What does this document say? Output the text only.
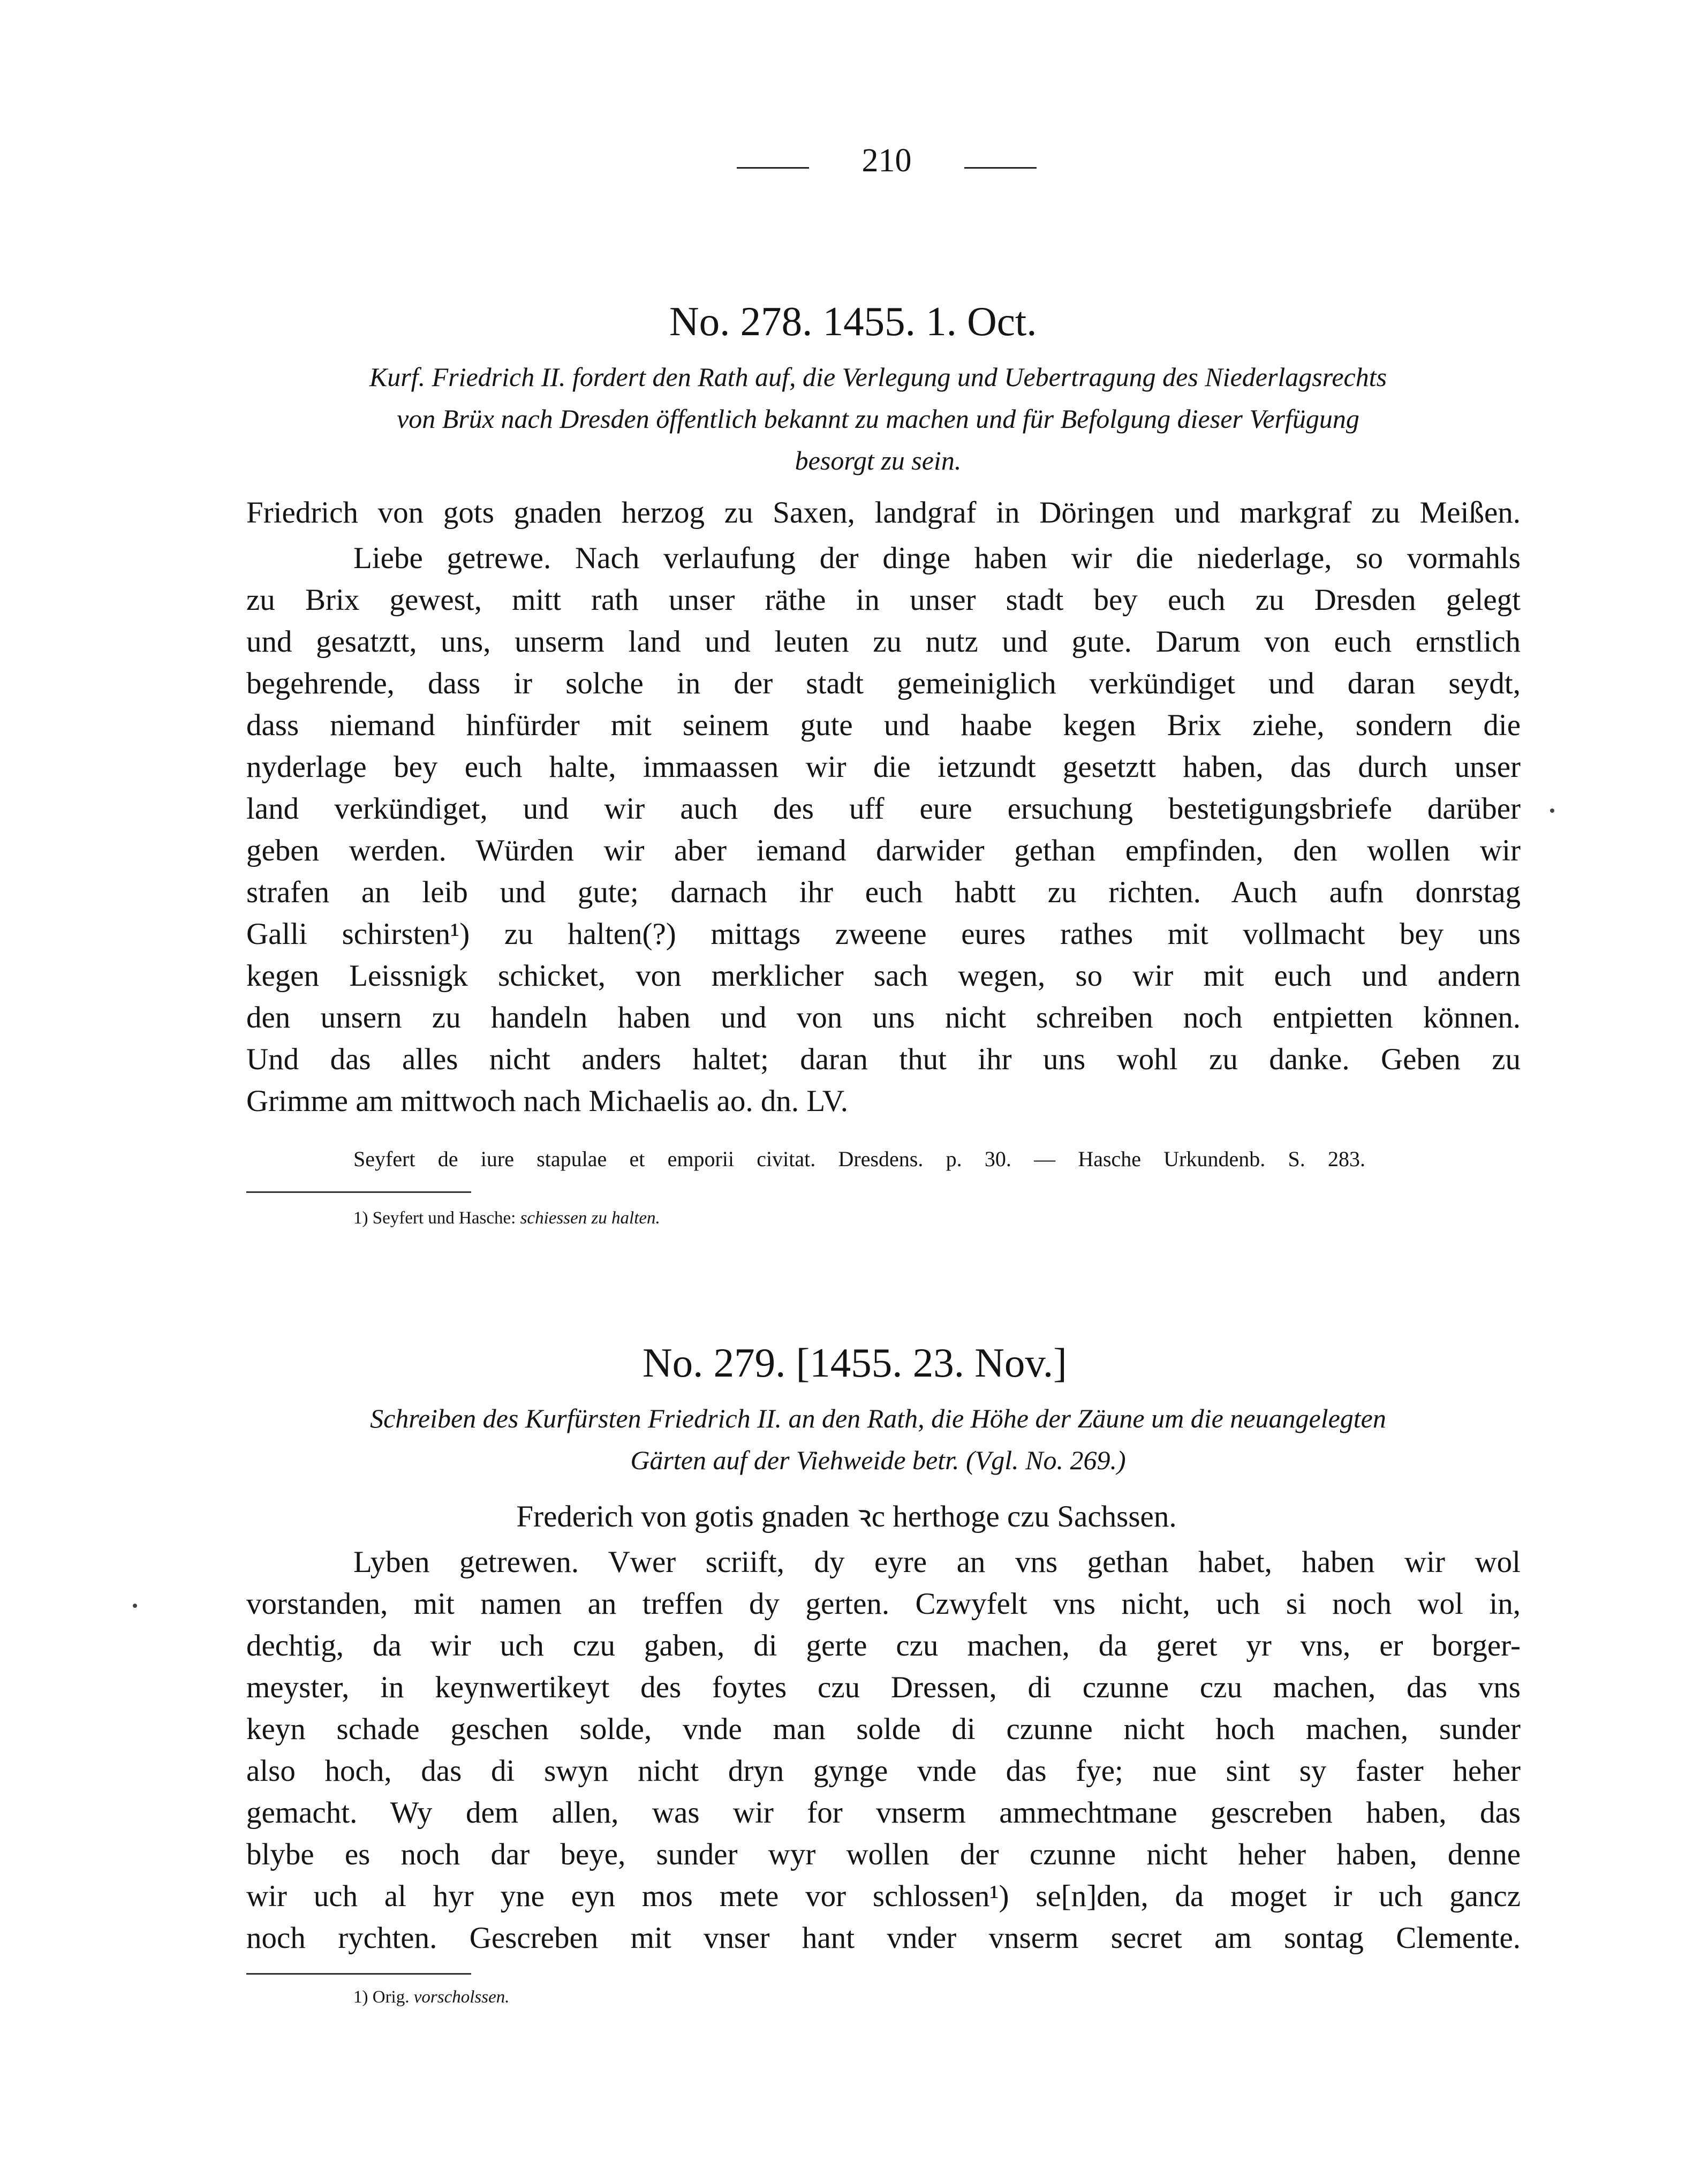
210
No. 278. 1455. 1. Oct.
Kurf. Friedrich II. fordert den Rath auf, die Verlegung und Uebertragung des Niederlagsrechts
von Brüx nach Dresden öffentlich bekannt zu machen und für Befolgung dieser Verfügung
besorgt zu sein.
Friedrich von gots gnaden herzog zu Saxen, landgraf in Döringen und markgraf zu Meißen.
Liebe getrewe. Nach verlaufung der dinge haben wir die niederlage, so vormahls
zu Brix gewest, mitt rath unser räthe in unser stadt bey euch zu Dresden gelegt
und gesatztt, uns, unserm land und leuten zu nutz und gute. Darum von euch ernstlich
begehrende, dass ir solche in der stadt gemeiniglich verkündiget und daran seydt,
dass niemand hinfürder mit seinem gute und haabe kegen Brix ziehe, sondern die
nyderlage bey euch halte, immaassen wir die ietzundt gesetztt haben, das durch unser
land verkündiget, und wir auch des uff eure ersuchung bestetigungsbriefe darüber
geben werden. Würden wir aber iemand darwider gethan empfinden, den wollen wir
strafen an leib und gute; darnach ihr euch habtt zu richten. Auch aufn donrstag
Galli schirsten¹) zu halten(?) mittags zweene eures rathes mit vollmacht bey uns
kegen Leissnigk schicket, von merklicher sach wegen, so wir mit euch und andern
den unsern zu handeln haben und von uns nicht schreiben noch entpietten können.
Und das alles nicht anders haltet; daran thut ihr uns wohl zu danke. Geben zu
Grimme am mittwoch nach Michaelis ao. dn. LV.
Seyfert de iure stapulae et emporii civitat. Dresdens. p. 30. — Hasche Urkundenb. S. 283.
1) Seyfert und Hasche: schiessen zu halten.
No. 279. [1455. 23. Nov.]
Schreiben des Kurfürsten Friedrich II. an den Rath, die Höhe der Zäune um die neuangelegten
Gärten auf der Viehweide betr. (Vgl. No. 269.)
Frederich von gotis gnaden ꝛc herthoge czu Sachssen.
Lyben getrewen. Vwer scriift, dy eyre an vns gethan habet, haben wir wol
vorstanden, mit namen an treffen dy gerten. Czwyfelt vns nicht, uch si noch wol in,
dechtig, da wir uch czu gaben, di gerte czu machen, da geret yr vns, er borger-
meyster, in keynwertikeyt des foytes czu Dressen, di czunne czu machen, das vns
keyn schade geschen solde, vnde man solde di czunne nicht hoch machen, sunder
also hoch, das di swyn nicht dryn gynge vnde das fye; nue sint sy faster heher
gemacht. Wy dem allen, was wir for vnserm ammechtmane gescreben haben, das
blybe es noch dar beye, sunder wyr wollen der czunne nicht heher haben, denne
wir uch al hyr yne eyn mos mete vor schlossen¹) se[n]den, da moget ir uch gancz
noch rychten. Gescreben mit vnser hant vnder vnserm secret am sontag Clemente.
1) Orig. vorscholssen.
